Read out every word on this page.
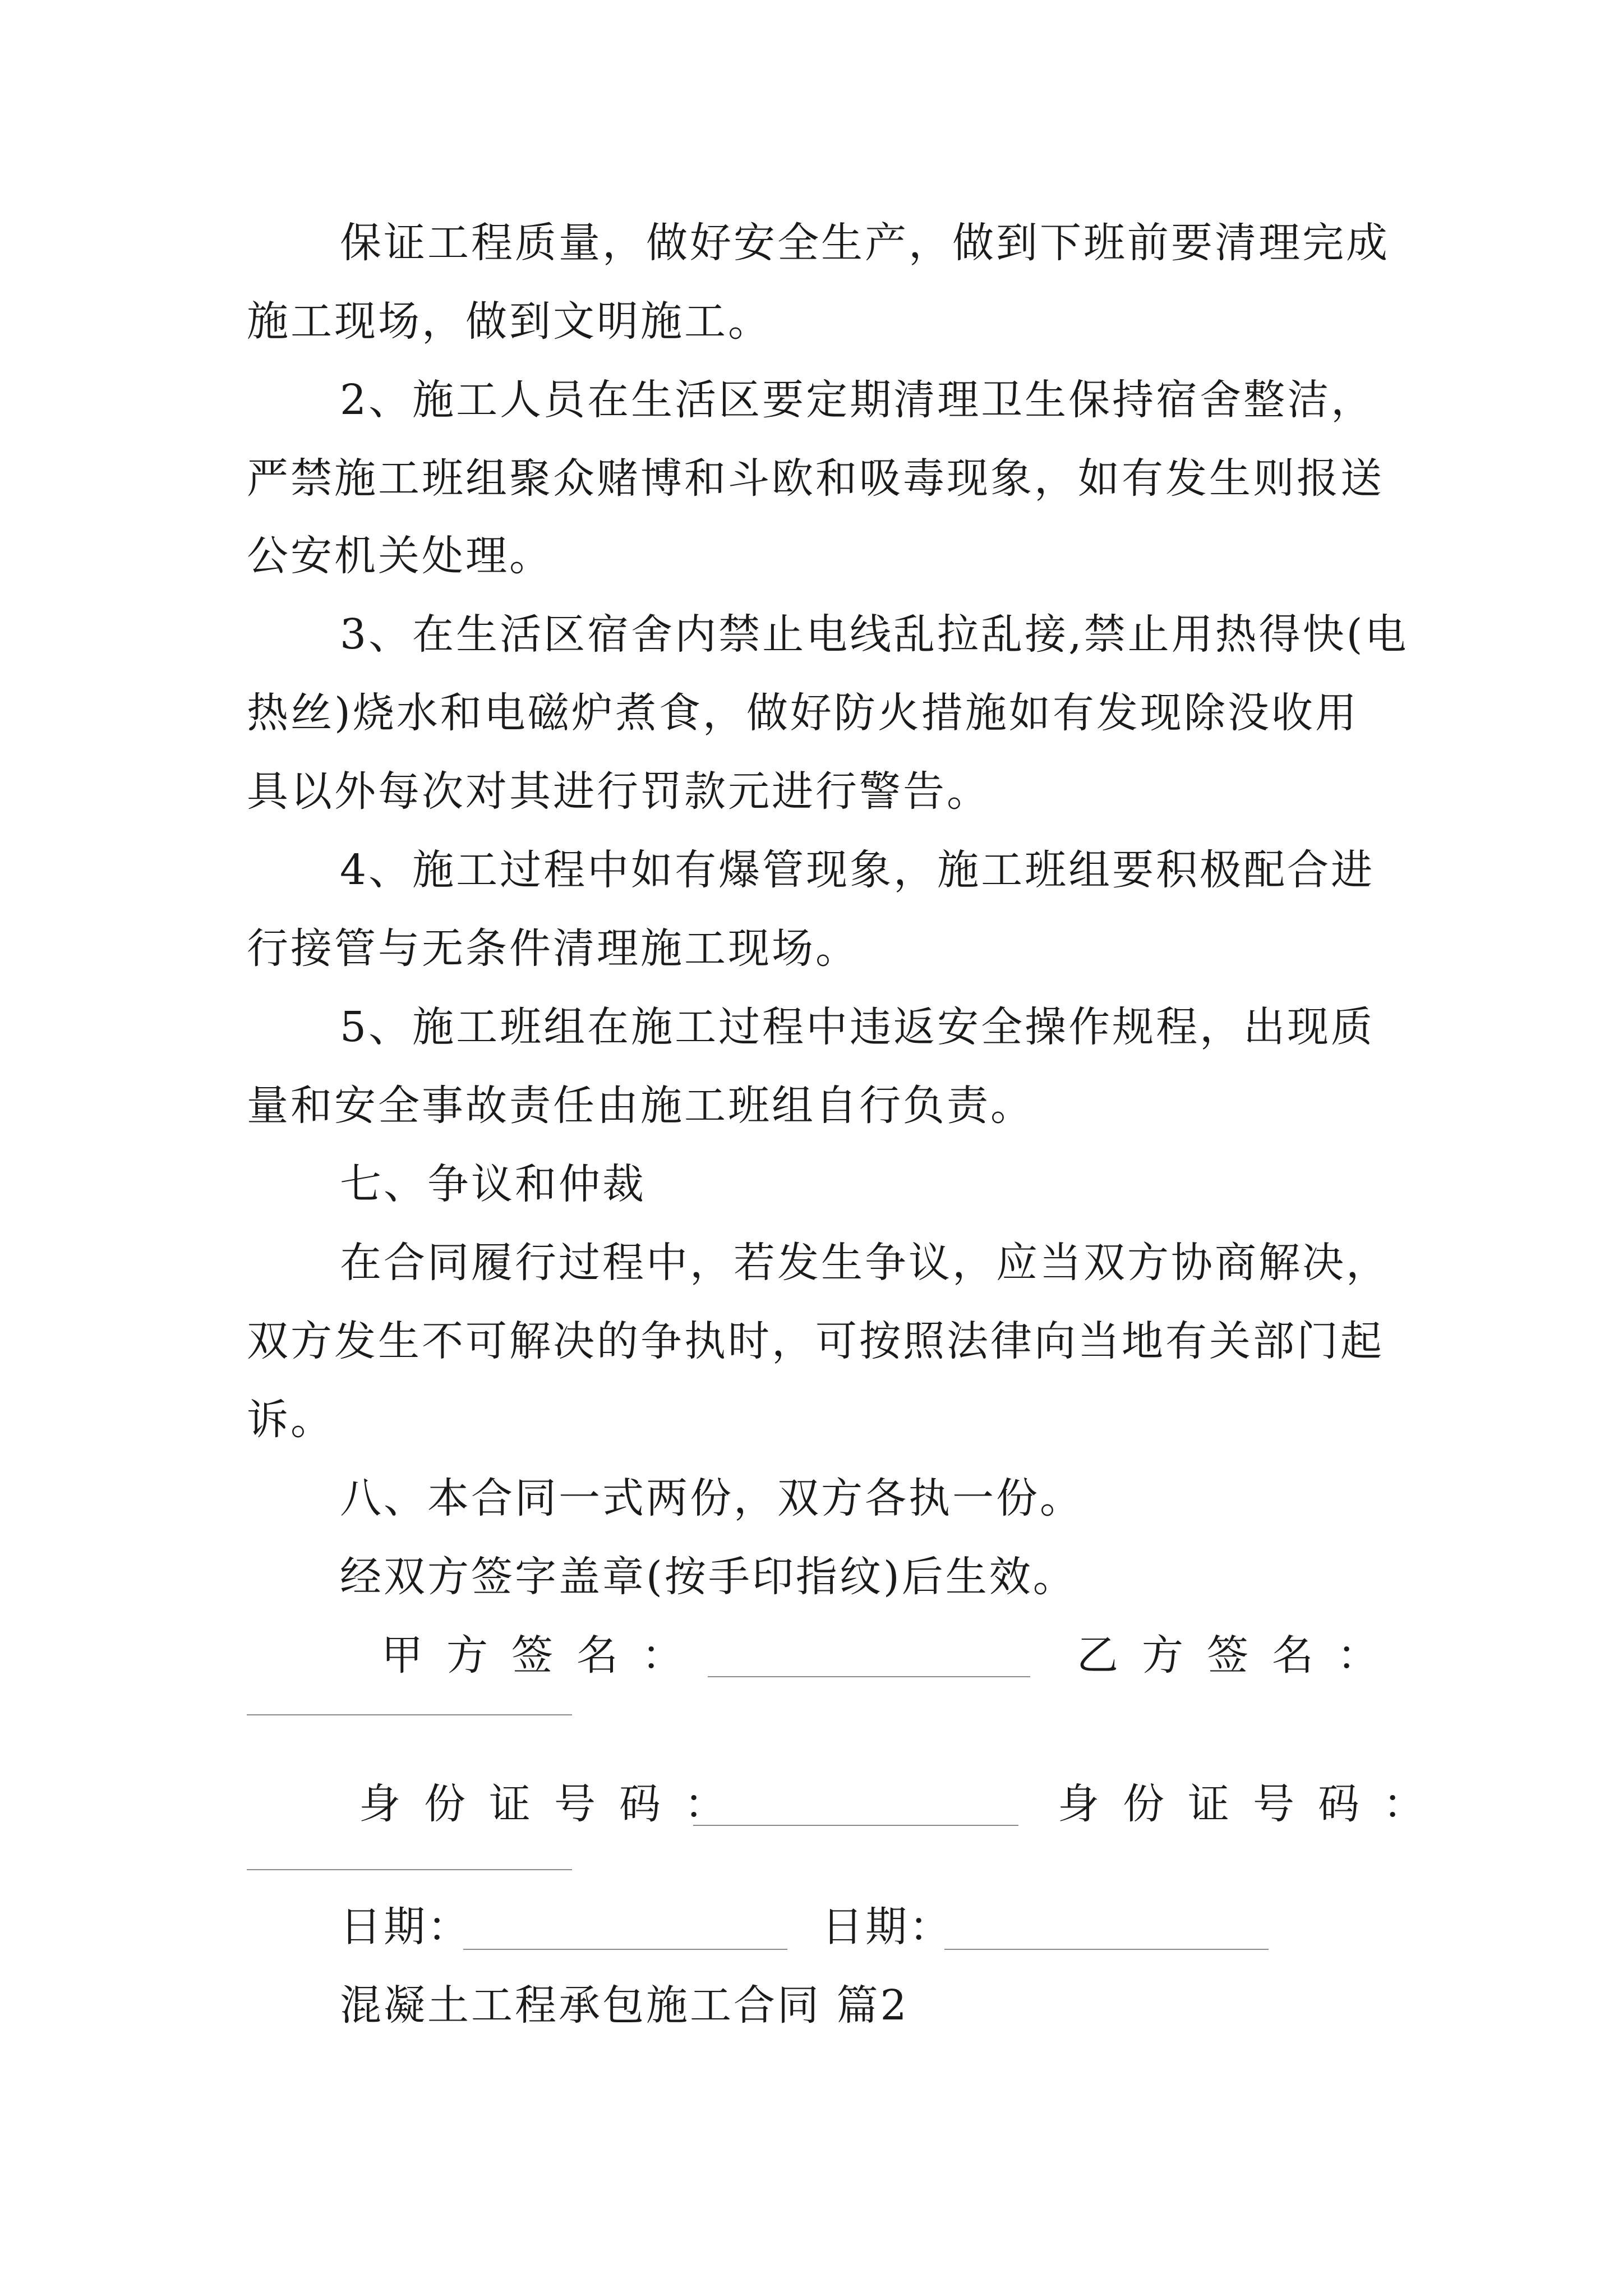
保证工程质量，做好安全生产，做到下班前要清理完成
施工现场，做到文明施工。
2、施工人员在生活区要定期清理卫生保持宿舍整洁，
严禁施工班组聚众赌博和斗欧和吸毒现象，如有发生则报送
公安机关处理。
3、在生活区宿舍内禁止电线乱拉乱接,禁止用热得快(电
热丝)烧水和电磁炉煮食，做好防火措施如有发现除没收用
具以外每次对其进行罚款元进行警告。
4、施工过程中如有爆管现象，施工班组要积极配合进
行接管与无条件清理施工现场。
5、施工班组在施工过程中违返安全操作规程，出现质
量和安全事故责任由施工班组自行负责。
七、争议和仲裁
在合同履行过程中，若发生争议，应当双方协商解决，
双方发生不可解决的争执时，可按照法律向当地有关部门起
诉。
八、本合同一式两份，双方各执一份。
经双方签字盖章(按手印指纹)后生效。
甲方签名：	乙方签名：
身份证号码：	身份证号码：
日期：	日期：
混凝土工程承包施工合同 篇2
